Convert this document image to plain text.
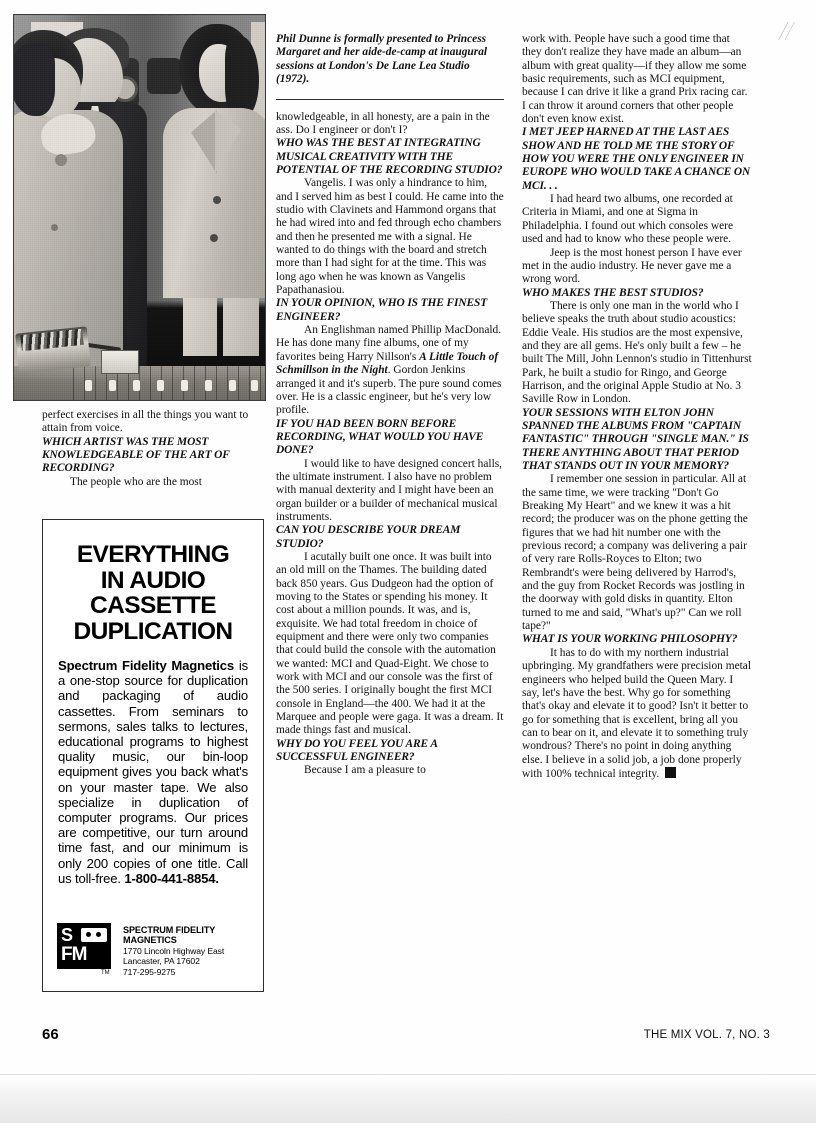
perfect exercises in all the things you want to attain from voice.

WHICH ARTIST WAS THE MOST KNOWLEDGEABLE OF THE ART OF RECORDING?

The people who are the most

Phil Dunne is formally presented to Princess Margaret and her aide-de-camp at inaugural sessions at London's De Lane Lea Studio (1972).

knowledgeable, in all honesty, are a pain in the ass. Do I engineer or don't I?

WHO WAS THE BEST AT INTEGRATING MUSICAL CREATIVITY WITH THE POTENTIAL OF THE RECORDING STUDIO?

Vangelis. I was only a hindrance to him, and I served him as best I could. He came into the studio with Clavinets and Hammond organs that he had wired into and fed through echo chambers and then he presented me with a signal. He wanted to do things with the board and stretch more than I had sight for at the time. This was long ago when he was known as Vangelis Papathanasiou.

IN YOUR OPINION, WHO IS THE FINEST ENGINEER?

An Englishman named Phillip MacDonald. He has done many fine albums, one of my favorites being Harry Nillson's A Little Touch of Schmillson in the Night. Gordon Jenkins arranged it and it's superb. The pure sound comes over. He is a classic engineer, but he's very low profile.

IF YOU HAD BEEN BORN BEFORE RECORDING, WHAT WOULD YOU HAVE DONE?

I would like to have designed concert halls, the ultimate instrument. I also have no problem with manual dexterity and I might have been an organ builder or a builder of mechanical musical instruments.

CAN YOU DESCRIBE YOUR DREAM STUDIO?

I acutally built one once. It was built into an old mill on the Thames. The building dated back 850 years. Gus Dudgeon had the option of moving to the States or spending his money. It cost about a million pounds. It was, and is, exquisite. We had total freedom in choice of equipment and there were only two companies that could build the console with the automation we wanted: MCI and Quad-Eight. We chose to work with MCI and our console was the first of the 500 series. I originally bought the first MCI console in England—the 400. We had it at the Marquee and people were gaga. It was a dream. It made things fast and musical.

WHY DO YOU FEEL YOU ARE A SUCCESSFUL ENGINEER?

Because I am a pleasure to

work with. People have such a good time that they don't realize they have made an album—an album with great quality—if they allow me some basic requirements, such as MCI equipment, because I can drive it like a grand Prix racing car. I can throw it around corners that other people don't even know exist.

I MET JEEP HARNED AT THE LAST AES SHOW AND HE TOLD ME THE STORY OF HOW YOU WERE THE ONLY ENGINEER IN EUROPE WHO WOULD TAKE A CHANCE ON MCI. . .

I had heard two albums, one recorded at Criteria in Miami, and one at Sigma in Philadelphia. I found out which consoles were used and had to know who these people were.

Jeep is the most honest person I have ever met in the audio industry. He never gave me a wrong word.

WHO MAKES THE BEST STUDIOS?

There is only one man in the world who I believe speaks the truth about studio acoustics: Eddie Veale. His studios are the most expensive, and they are all gems. He's only built a few – he built The Mill, John Lennon's studio in Tittenhurst Park, he built a studio for Ringo, and George Harrison, and the original Apple Studio at No. 3 Saville Row in London.

YOUR SESSIONS WITH ELTON JOHN SPANNED THE ALBUMS FROM "CAPTAIN FANTASTIC" THROUGH "SINGLE MAN." IS THERE ANYTHING ABOUT THAT PERIOD THAT STANDS OUT IN YOUR MEMORY?

I remember one session in particular. All at the same time, we were tracking "Don't Go Breaking My Heart" and we knew it was a hit record; the producer was on the phone getting the figures that we had hit number one with the previous record; a company was delivering a pair of very rare Rolls-Royces to Elton; two Rembrandt's were being delivered by Harrod's, and the guy from Rocket Records was jostling in the doorway with gold disks in quantity. Elton turned to me and said, "What's up?" Can we roll tape?"

WHAT IS YOUR WORKING PHILOSOPHY?

It has to do with my northern industrial upbringing. My grandfathers were precision metal engineers who helped build the Queen Mary. I say, let's have the best. Why go for something that's okay and elevate it to good? Isn't it better to go for something that is excellent, bring all you can to bear on it, and elevate it to something truly wondrous? There's no point in doing anything else. I believe in a solid job, a job done properly with 100% technical integrity.

EVERYTHING
IN AUDIO
CASSETTE
DUPLICATION
Spectrum Fidelity Magnetics is a one-stop source for duplication and packaging of audio cassettes. From seminars to sermons, sales talks to lectures, educational programs to highest quality music, our bin-loop equipment gives you back what's on your master tape. We also specialize in duplication of computer programs. Our prices are competitive, our turn around time fast, and our minimum is only 200 copies of one title. Call us toll-free. 1-800-441-8854.
S
FM
TM
SPECTRUM FIDELITY MAGNETICS
1770 Lincoln Highway East
Lancaster, PA 17602
717-295-9275
66	THE MIX VOL. 7, NO. 3
